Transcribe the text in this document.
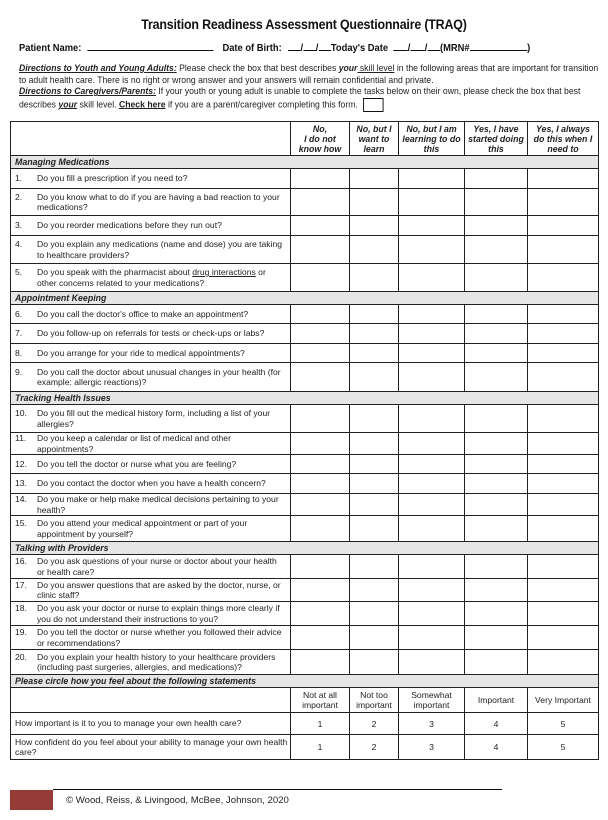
Transition Readiness Assessment Questionnaire (TRAQ)
Patient Name:	Date of Birth: / / Today's Date / / (MRN#	)
Directions to Youth and Young Adults: Please check the box that best describes your skill level in the following areas that are important for transition to adult health care. There is no right or wrong answer and your answers will remain confidential and private.
Directions to Caregivers/Parents: If your youth or young adult is unable to complete the tasks below on their own, please check the box that best describes your skill level. Check here if you are a parent/caregiver completing this form.
	No,
I do not
know how	No, but I
want to
learn	No, but I am
learning to do
this	Yes, I have
started doing
this	Yes, I always
do this when I
need to
Managing Medications					

1. Do you fill a prescription if you need to?					

2. Do you know what to do if you are having a bad reaction to your medications?					

3. Do you reorder medications before they run out?					

4. Do you explain any medications (name and dose) you are taking to healthcare providers?					

5. Do you speak with the pharmacist about drug interactions or other concerns related to your medications?					

Appointment Keeping					

6. Do you call the doctor's office to make an appointment?					

7. Do you follow-up on referrals for tests or check-ups or labs?					

8. Do you arrange for your ride to medical appointments?					

9. Do you call the doctor about unusual changes in your health (for example: allergic reactions)?					

Tracking Health Issues					

10. Do you fill out the medical history form, including a list of your allergies?					

11. Do you keep a calendar or list of medical and other appointments?					

12. Do you tell the doctor or nurse what you are feeling?					

13. Do you contact the doctor when you have a health concern?					

14. Do you make or help make medical decisions pertaining to your health?					

15. Do you attend your medical appointment or part of your appointment by yourself?					

Talking with Providers					

16. Do you ask questions of your nurse or doctor about your health or health care?					

17. Do you answer questions that are asked by the doctor, nurse, or clinic staff?					

18. Do you ask your doctor or nurse to explain things more clearly if you do not understand their instructions to you?					

19. Do you tell the doctor or nurse whether you followed their advice or recommendations?					

20. Do you explain your health history to your healthcare providers (including past surgeries, allergies, and medications)?					

Please circle how you feel about the following statements					
	Not at all
important	Not too
important	Somewhat
important	Important	Very Important
How important is it to you to manage your own health care?	1	2	3	4	5
How confident do you feel about your ability to manage your own health care?	1	2	3	4	5
© Wood, Reiss, & Livingood, McBee, Johnson, 2020
